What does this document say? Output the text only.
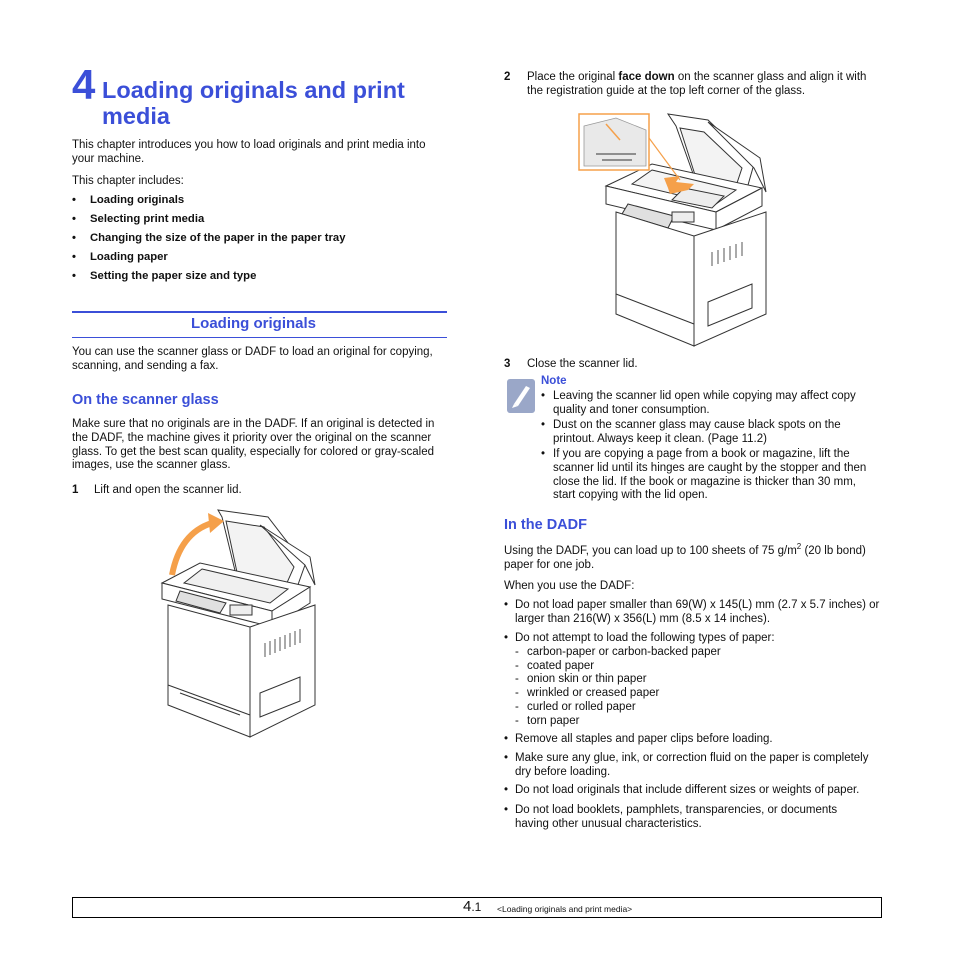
4 Loading originals and print media

This chapter introduces you how to load originals and print media into your machine.

This chapter includes:

• Loading originals
• Selecting print media
• Changing the size of the paper in the paper tray
• Loading paper
• Setting the paper size and type
Loading originals

You can use the scanner glass or DADF to load an original for copying, scanning, and sending a fax.

On the scanner glass

Make sure that no originals are in the DADF. If an original is detected in the DADF, the machine gives it priority over the original on the scanner glass. To get the best scan quality, especially for colored or gray-scaled images, use the scanner glass.

1 Lift and open the scanner lid.
2 Place the original face down on the scanner glass and align it with the registration guide at the top left corner of the glass.

3 Close the scanner lid.
Note
• Leaving the scanner lid open while copying may affect copy quality and toner consumption.

• Dust on the scanner glass may cause black spots on the printout. Always keep it clean. (Page 11.2)

• If you are copying a page from a book or magazine, lift the scanner lid until its hinges are caught by the stopper and then close the lid. If the book or magazine is thicker than 30 mm, start copying with the lid open.

In the DADF

Using the DADF, you can load up to 100 sheets of 75 $g/m^2$ (20 lb bond) paper for one job.

When you use the DADF:

• Do not load paper smaller than 69(W) x 145(L) mm (2.7 x 5.7 inches) or larger than 216(W) x 356(L) mm (8.5 x 14 inches).

• Do not attempt to load the following types of paper:

- carbon-paper or carbon-backed paper
- coated paper
- onion skin or thin paper
- wrinkled or creased paper
- curled or rolled paper
- torn paper
• Remove all staples and paper clips before loading.

• Make sure any glue, ink, or correction fluid on the paper is completely dry before loading.

• Do not load originals that include different sizes or weights of paper.

• Do not load booklets, pamphlets, transparencies, or documents having other unusual characteristics.

4.1 <Loading originals and print media>
